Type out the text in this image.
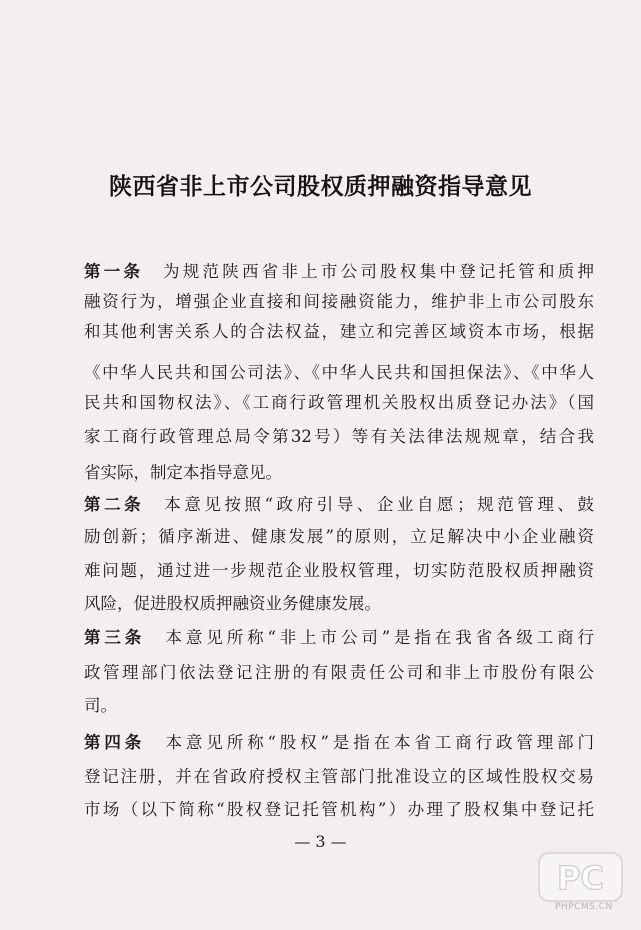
陕西省非上市公司股权质押融资指导意见
第一条　 为规范陕西省非上市公司股权集中登记托管和质押
融资行为，增强企业直接和间接融资能力，维护非上市公司股东
和其他利害关系人的合法权益，建立和完善区域资本市场，根据
《中华人民共和国公司法》、《中华人民共和国担保法》、《中华人
民共和国物权法》、《工商行政管理机关股权出质登记办法》（国
家工商行政管理总局令第32号）等有关法律法规规章，结合我
省实际，制定本指导意见。
第二条　 本意见按照“政府引导、企业自愿；规范管理、鼓
励创新；循序渐进、健康发展”的原则，立足解决中小企业融资
难问题，通过进一步规范企业股权管理，切实防范股权质押融资
风险，促进股权质押融资业务健康发展。
第三条　 本意见所称“非上市公司”是指在我省各级工商行
政管理部门依法登记注册的有限责任公司和非上市股份有限公
司。
第四条　 本意见所称“股权”是指在本省工商行政管理部门
登记注册，并在省政府授权主管部门批准设立的区域性股权交易
市场（以下简称“股权登记托管机构”）办理了股权集中登记托
— 3 —
PC
PHPCMS.CN
